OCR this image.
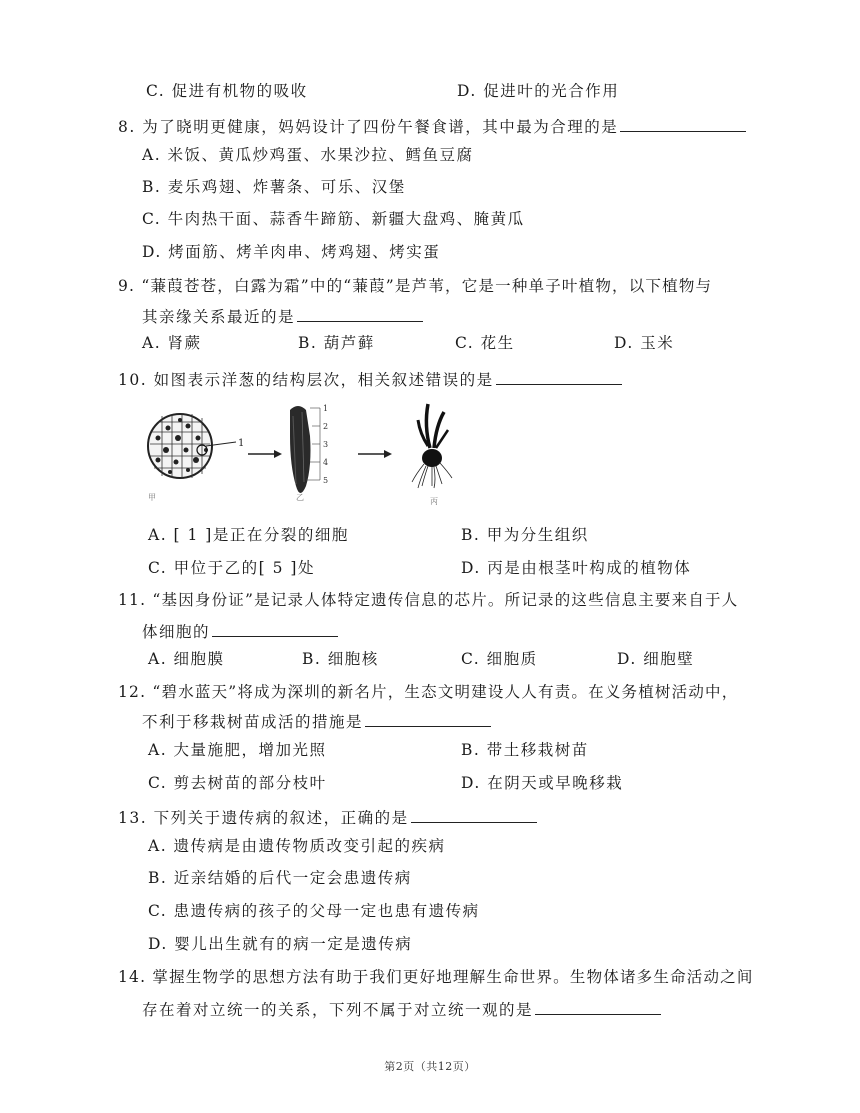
C. 促进有机物的吸收	D. 促进叶的光合作用
8. 为了晓明更健康，妈妈设计了四份午餐食谱，其中最为合理的是
A. 米饭、黄瓜炒鸡蛋、水果沙拉、鳕鱼豆腐
B. 麦乐鸡翅、炸薯条、可乐、汉堡
C. 牛肉热干面、蒜香牛蹄筋、新疆大盘鸡、腌黄瓜
D. 烤面筋、烤羊肉串、烤鸡翅、烤实蛋
9. “蒹葭苍苍，白露为霜”中的“蒹葭”是芦苇，它是一种单子叶植物，以下植物与
其亲缘关系最近的是
A. 肾蕨	B. 葫芦藓	C. 花生	D. 玉米
10. 如图表示洋葱的结构层次，相关叙述错误的是
1
甲
1
2
3
4
5
乙	丙
A. [ 1 ]是正在分裂的细胞	B. 甲为分生组织
C. 甲位于乙的[ 5 ]处	D. 丙是由根茎叶构成的植物体
11. “基因身份证”是记录人体特定遗传信息的芯片。所记录的这些信息主要来自于人
体细胞的
A. 细胞膜	B. 细胞核	C. 细胞质	D. 细胞壁
12. “碧水蓝天”将成为深圳的新名片，生态文明建设人人有责。在义务植树活动中，
不利于移栽树苗成活的措施是
A. 大量施肥，增加光照	B. 带土移栽树苗
C. 剪去树苗的部分枝叶	D. 在阴天或早晚移栽
13. 下列关于遗传病的叙述，正确的是
A. 遗传病是由遗传物质改变引起的疾病
B. 近亲结婚的后代一定会患遗传病
C. 患遗传病的孩子的父母一定也患有遗传病
D. 婴儿出生就有的病一定是遗传病
14. 掌握生物学的思想方法有助于我们更好地理解生命世界。生物体诸多生命活动之间
存在着对立统一的关系，下列不属于对立统一观的是
第2页（共12页）
